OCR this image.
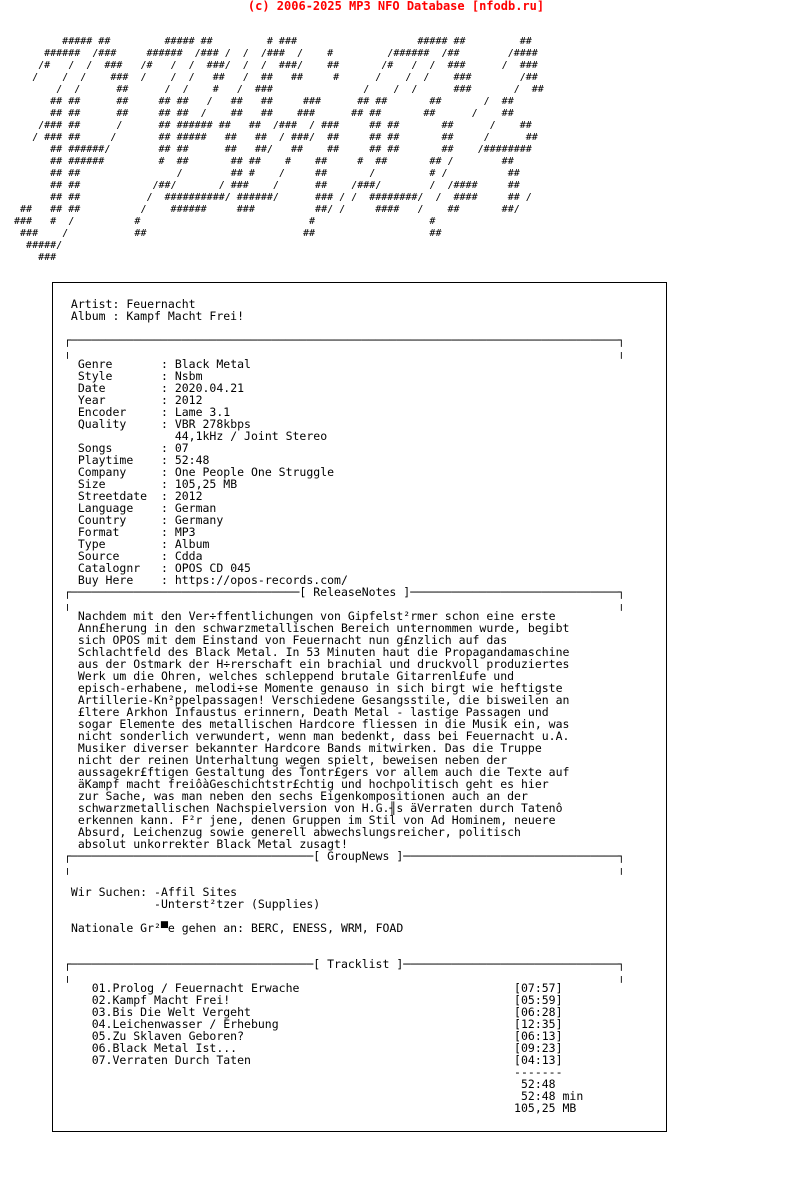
(c) 2006-2025 MP3 NFO Database [nfodb.ru]
##### ##         ##### ##         # ###                    ##### ##         ##
######  /###     ######  /### /  /  /###  /    #         /######  /##        /####
/#   /  /  ###   /#   /  /  ###/  /  /  ###/    ##       /#   /  /  ###      /  ###
/    /  /    ###  /    /  /   ##   /  ##   ##     #      /    /  /    ###        /##
/  /      ##      /  /    #   /  ###               /    /  /      ###       /  ##
## ##      ##     ## ##   /   ##   ##     ###      ## ##       ##       /  ##
## ##      ##     ## ##  /    ##   ##    ###      ## ##       ##      /    ##
/### ##      /      ## ###### ##   ##  /###  / ###     ## ##       ##      /    ##
/ ### ##     /       ## #####   ##   ##  / ###/  ##     ## ##       ##     /      ##
## ######/        ## ##      ##   ##/   ##    ##     ## ##       ##    /########
## ######         #  ##       ## ##    #    ##     #  ##       ## /        ##
## ##                /        ## #    /     ##       /         # /          ##
## ##            /##/       / ###    /      ##    /###/        /  /####     ##
## ##           /  ##########/ ######/      ### / /  ########/  /  ####     ## /
##   ## ##          /    ######     ###          ##/ /     ####   /    ##       ##/
###   #  /          #                            #                   #
###    /           ##                          ##                   ##
#####/
###
Artist: Feuernacht
Album : Kampf Macht Frei!
┌───────────────────────────────────────────────────────────────────────────────┐
╷                                                                               ╷
Genre       : Black Metal
Style       : Nsbm
Date        : 2020.04.21
Year        : 2012
Encoder     : Lame 3.1
Quality     : VBR 278kbps
44,1kHz / Joint Stereo
Songs       : 07
Playtime    : 52:48
Company     : One People One Struggle
Size        : 105,25 MB
Streetdate  : 2012
Language    : German
Country     : Germany
Format      : MP3
Type        : Album
Source      : Cdda
Catalognr   : OPOS CD 045
Buy Here    : https://opos-records.com/
┌─────────────────────────────────[ ReleaseNotes ]──────────────────────────────┐
╷                                                                               ╷
Nachdem mit den Ver÷ffentlichungen von Gipfelst²rmer schon eine erste
Ann£herung in den schwarzmetallischen Bereich unternommen wurde, begibt
sich OPOS mit dem Einstand von Feuernacht nun g£nzlich auf das
Schlachtfeld des Black Metal. In 53 Minuten haut die Propagandamaschine
aus der Ostmark der H÷rerschaft ein brachial und druckvoll produziertes
Werk um die Ohren, welches schleppend brutale Gitarrenl£ufe und
episch-erhabene, melodi÷se Momente genauso in sich birgt wie heftigste
Artillerie-Kn²ppelpassagen! Verschiedene Gesangsstile, die bisweilen an
£ltere Arkhon Infaustus erinnern, Death Metal - lastige Passagen und
sogar Elemente des metallischen Hardcore fliessen in die Musik ein, was
nicht sonderlich verwundert, wenn man bedenkt, dass bei Feuernacht u.A.
Musiker diverser bekannter Hardcore Bands mitwirken. Das die Truppe
nicht der reinen Unterhaltung wegen spielt, beweisen neben der
aussagekr£ftigen Gestaltung des Tontr£gers vor allem auch die Texte auf
äKampf macht freiôàGeschichtstr£chtig und hochpolitisch geht es hier
zur Sache, was man neben den sechs Eigenkompositionen auch an der
schwarzmetallischen Nachspielversion von H.G.╢s äVerraten durch Tatenô
erkennen kann. F²r jene, denen Gruppen im Stil von Ad Hominem, neuere
Absurd, Leichenzug sowie generell abwechslungsreicher, politisch
absolut unkorrekter Black Metal zusagt!
┌───────────────────────────────────[ GroupNews ]───────────────────────────────┐
╷                                                                               ╷
Wir Suchen: -Affil Sites
-Unterst²tzer (Supplies)
Nationale Gr²▀e gehen an: BERC, ENESS, WRM, FOAD
┌───────────────────────────────────[ Tracklist ]───────────────────────────────┐
╷                                                                               ╷
01.Prolog / Feuernacht Erwache                               [07:57]
02.Kampf Macht Frei!                                         [05:59]
03.Bis Die Welt Vergeht                                      [06:28]
04.Leichenwasser / Erhebung                                  [12:35]
05.Zu Sklaven Geboren?                                       [06:13]
06.Black Metal Ist...                                        [09:23]
07.Verraten Durch Taten                                      [04:13]
-------
52:48
52:48 min
105,25 MB
